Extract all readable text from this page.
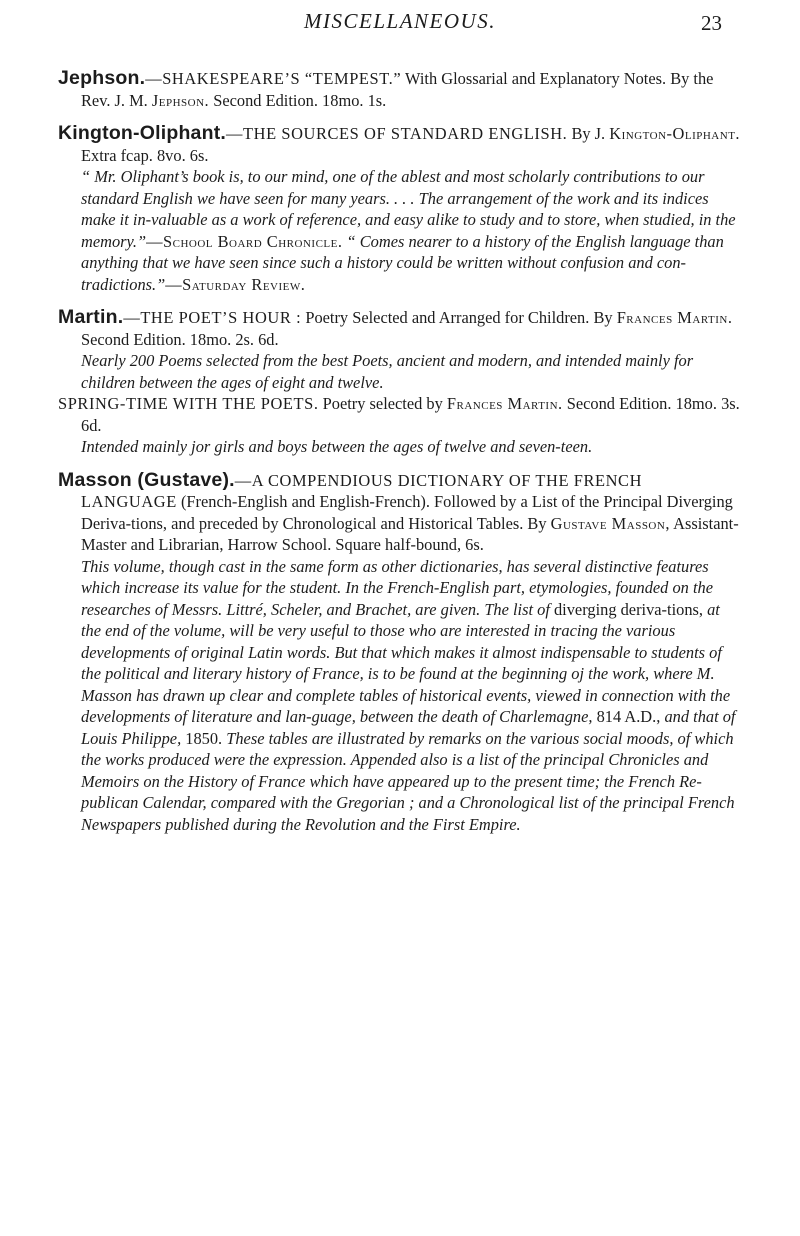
MISCELLANEOUS.	23

Jephson.—SHAKESPEARE’S “TEMPEST.” With Glossarial and Explanatory Notes. By the Rev. J. M. Jephson. Second Edition. 18mo. 1s.

Kington-Oliphant.—THE SOURCES OF STANDARD ENGLISH. By J. Kington-Oliphant. Extra fcap. 8vo. 6s.

“ Mr. Oliphant’s book is, to our mind, one of the ablest and most scholarly contributions to our standard English we have seen for many years. . . . The arrangement of the work and its indices make it in-valuable as a work of reference, and easy alike to study and to store, when studied, in the memory.”—School Board Chronicle. “ Comes nearer to a history of the English language than anything that we have seen since such a history could be written without confusion and con-tradictions.”—Saturday Review.

Martin.—THE POET’S HOUR : Poetry Selected and Arranged for Children. By Frances Martin. Second Edition. 18mo. 2s. 6d.

Nearly 200 Poems selected from the best Poets, ancient and modern, and intended mainly for children between the ages of eight and twelve.

SPRING-TIME WITH THE POETS. Poetry selected by Frances Martin. Second Edition. 18mo. 3s. 6d.

Intended mainly jor girls and boys between the ages of twelve and seven-teen.

Masson (Gustave).—A COMPENDIOUS DICTIONARY OF THE FRENCH LANGUAGE (French-English and English-French). Followed by a List of the Principal Diverging Deriva-tions, and preceded by Chronological and Historical Tables. By Gustave Masson, Assistant-Master and Librarian, Harrow School. Square half-bound, 6s.

This volume, though cast in the same form as other dictionaries, has several distinctive features which increase its value for the student. In the French-English part, etymologies, founded on the researches of Messrs. Littré, Scheler, and Brachet, are given. The list of diverging deriva-tions, at the end of the volume, will be very useful to those who are interested in tracing the various developments of original Latin words. But that which makes it almost indispensable to students of the political and literary history of France, is to be found at the beginning oj the work, where M. Masson has drawn up clear and complete tables of historical events, viewed in connection with the developments of literature and lan-guage, between the death of Charlemagne, 814 A.D., and that of Louis Philippe, 1850. These tables are illustrated by remarks on the various social moods, of which the works produced were the expression. Appended also is a list of the principal Chronicles and Memoirs on the History of France which have appeared up to the present time; the French Re-publican Calendar, compared with the Gregorian ; and a Chronological list of the principal French Newspapers published during the Revolution and the First Empire.
